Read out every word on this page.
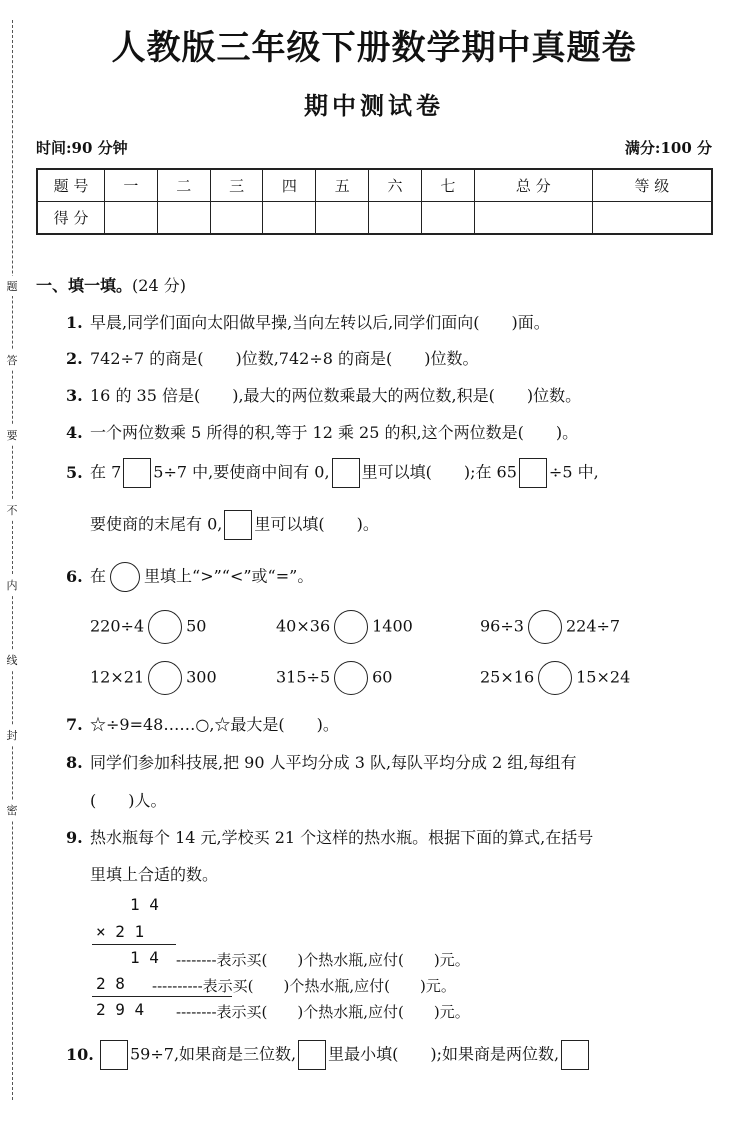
题
答
要
不
内
线
封
密
人教版三年级下册数学期中真题卷
期中测试卷
时间:90 分钟	满分:100 分
题 号	一	二	三	四	五	六	七	总 分	等 级
得 分									
一、填一填。(24 分)
1. 早晨,同学们面向太阳做早操,当向左转以后,同学们面向(　　)面。
2. 742÷7 的商是(　　)位数,742÷8 的商是(　　)位数。
3. 16 的 35 倍是(　　),最大的两位数乘最大的两位数,积是(　　)位数。
4. 一个两位数乘 5 所得的积,等于 12 乘 25 的积,这个两位数是(　　)。
5. 在 7 5÷7 中,要使商中间有 0, 里可以填(　　);在 65 ÷5 中,
要使商的末尾有 0, 里可以填(　　)。
6. 在 里填上“>”“<”或“=”。
220÷4	50	40×36	1400	96÷3	224÷7
12×21	300	315÷5	60	25×16	15×24
7. ☆÷9=48……○,☆最大是(　　)。
8. 同学们参加科技展,把 90 人平均分成 3 队,每队平均分成 2 组,每组有
(　　)人。
9. 热水瓶每个 14 元,学校买 21 个这样的热水瓶。根据下面的算式,在括号
里填上合适的数。
1 4
× 2 1
1 4
2 8
2 9 4
--------表示买(　　)个热水瓶,应付(　　)元。
----------表示买(　　)个热水瓶,应付(　　)元。
--------表示买(　　)个热水瓶,应付(　　)元。
10. 59÷7,如果商是三位数, 里最小填(　　);如果商是两位数,
